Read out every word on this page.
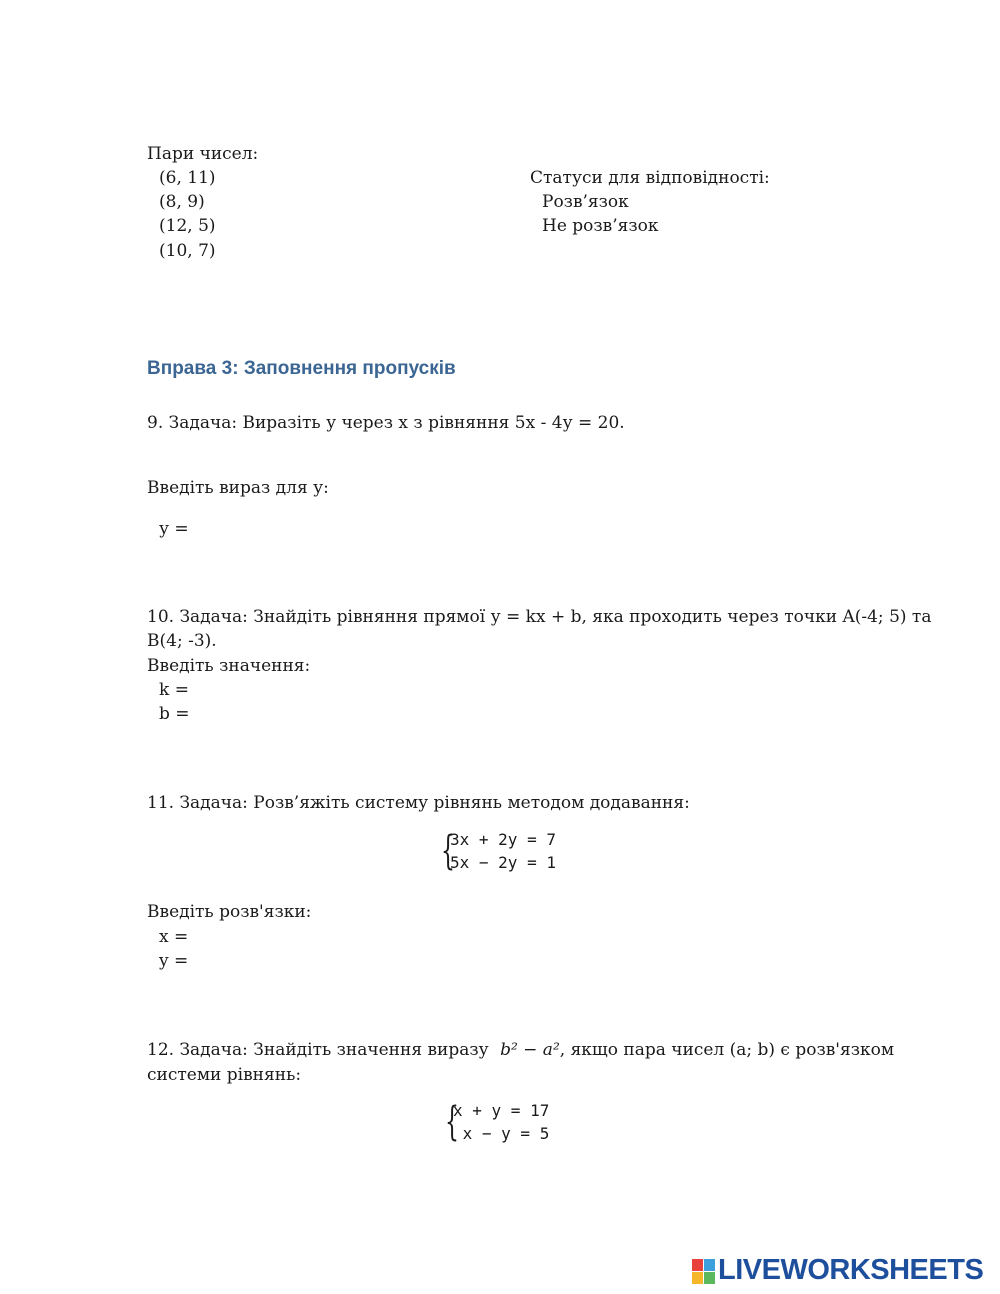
Пари чисел:
(6, 11)
(8, 9)
(12, 5)
(10, 7)
Статуси для відповідності:
Розв’язок
Не розв’язок
Вправа 3: Заповнення пропусків
9. Задача: Виразіть у через х з рівняння 5х - 4у = 20.
Введіть вираз для у:
у =
10. Задача: Знайдіть рівняння прямої у = kx + b, яка проходить через точки A(-4; 5) та
B(4; -3).
Введіть значення:
k =
b =
11. Задача: Розв’яжіть систему рівнянь методом додавання:
{
3x + 2y = 7
5x − 2y = 1
Введіть розв'язки:
x =
y =
12. Задача: Знайдіть значення виразу b² − a², якщо пара чисел (a; b) є розв'язком
системи рівнянь:
{
x + y = 17
x − y = 5
LIVEWORKSHEETS
